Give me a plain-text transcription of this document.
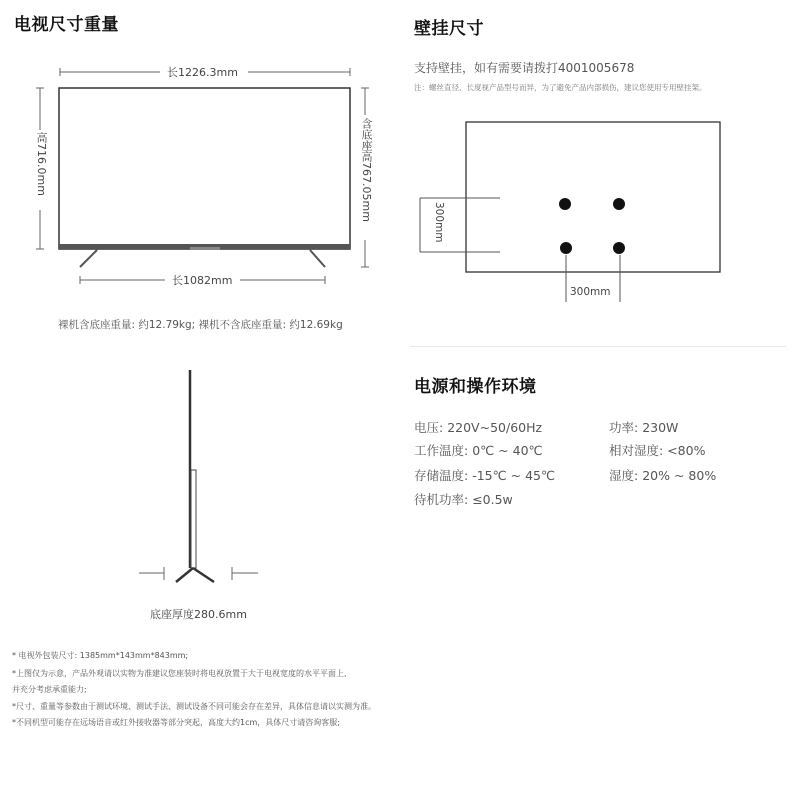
电视尺寸重量
长1226.3mm
高716.0mm	含底座高767.05mm
长1082mm
裸机含底座重量: 约12.79kg; 裸机不含底座重量: 约12.69kg
底座厚度280.6mm
壁挂尺寸
支持壁挂，如有需要请拨打4001005678
注：螺丝直径、长度视产品型号而异，为了避免产品内部损伤，建议您使用专用壁挂架。
300mm
300mm
电源和操作环境
电压: 220V~50/60Hz	功率: 230W
工作温度: 0℃ ~ 40℃	相对湿度: <80%
存储温度: -15℃ ~ 45℃	湿度: 20% ~ 80%
待机功率: ≤0.5w
* 电视外包装尺寸: 1385mm*143mm*843mm;
*上图仅为示意，产品外观请以实物为准建议您座装时将电视放置于大于电视宽度的水平平面上,
并充分考虑承重能力;
*尺寸、重量等参数由于测试环境、测试手法、测试设备不同可能会存在差异，具体信息请以实测为准。
*不同机型可能存在远场语音或红外接收器等部分突起，高度大约1cm，具体尺寸请咨询客服;
